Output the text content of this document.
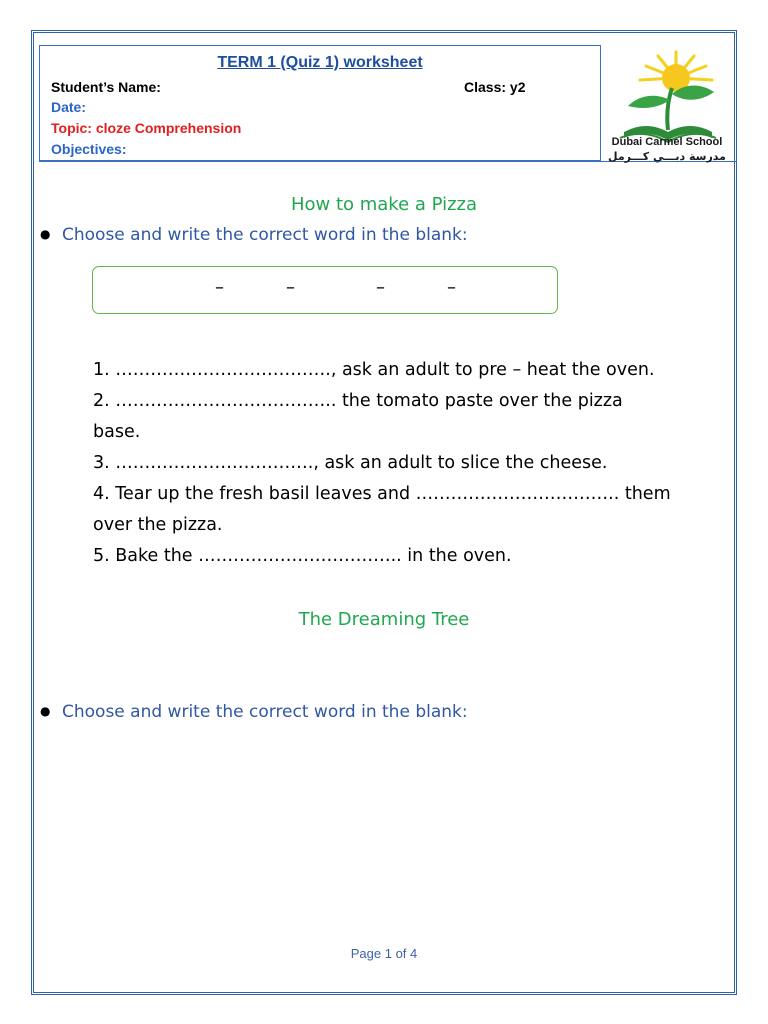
TERM 1 (Quiz 1) worksheet
Student’s Name:	Class: y2
Date:
Topic: cloze Comprehension
Objectives:	Dubai Carmel School
مدرسة دبـــي كـــرمل
How to make a Pizza
● Choose and write the correct word in the blank:
–	–	–	–
1. ………………………………., ask an adult to pre – heat the oven.
2. ……………………………….. the tomato paste over the pizza
base.
3. ……………………………., ask an adult to slice the cheese.
4. Tear up the fresh basil leaves and …………………………….. them
over the pizza.
5. Bake the …………………………….. in the oven.
The Dreaming Tree
● Choose and write the correct word in the blank:
Page 1 of 4
